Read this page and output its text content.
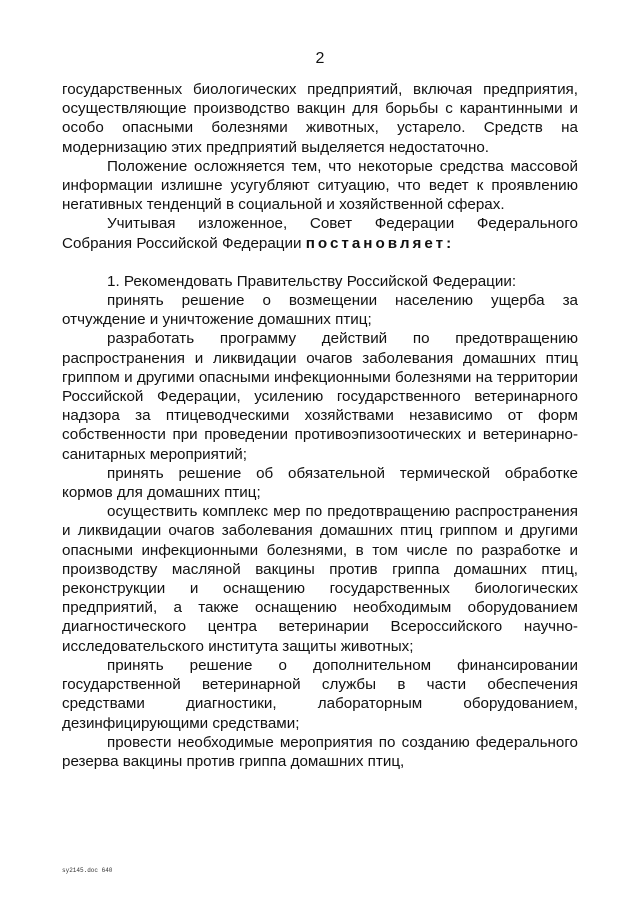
2

государственных биологических предприятий, включая предприятия, осуществляющие производство вакцин для борьбы с карантинными и особо опасными болезнями животных, устарело. Средств на модернизацию этих предприятий выделяется недостаточно.

Положение осложняется тем, что некоторые средства массовой информации излишне усугубляют ситуацию, что ведет к проявлению негативных тенденций в социальной и хозяйственной сферах.

Учитывая изложенное, Совет Федерации Федерального Собрания Российской Федерации постановляет:

1. Рекомендовать Правительству Российской Федерации:

принять решение о возмещении населению ущерба за отчуждение и уничтожение домашних птиц;

разработать программу действий по предотвращению распространения и ликвидации очагов заболевания домашних птиц гриппом и другими опасными инфекционными болезнями на территории Российской Федерации, усилению государственного ветеринарного надзора за птицеводческими хозяйствами независимо от форм собственности при проведении противоэпизоотических и ветеринарно-санитарных мероприятий;

принять решение об обязательной термической обработке кормов для домашних птиц;

осуществить комплекс мер по предотвращению распространения и ликвидации очагов заболевания домашних птиц гриппом и другими опасными инфекционными болезнями, в том числе по разработке и производству масляной вакцины против гриппа домашних птиц, реконструкции и оснащению государственных биологических предприятий, а также оснащению необходимым оборудованием диагностического центра ветеринарии Всероссийского научно-исследовательского института защиты животных;

принять решение о дополнительном финансировании государственной ветеринарной службы в части обеспечения средствами диагностики, лабораторным оборудованием, дезинфицирующими средствами;

провести необходимые мероприятия по созданию федерального резерва вакцины против гриппа домашних птиц,

sy2145.doc 640
